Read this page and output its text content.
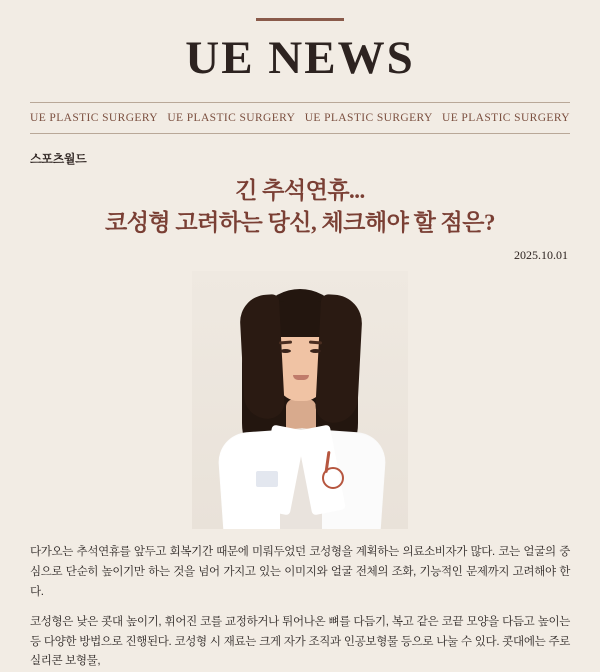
UE NEWS
UE PLASTIC SURGERY UE PLASTIC SURGERY UE PLASTIC SURGERY UE PLASTIC SURGERY
스포츠월드
긴 추석연휴...
코성형 고려하는 당신, 체크해야 할 점은?
2025.10.01

다가오는 추석연휴를 앞두고 회복기간 때문에 미뤄두었던 코성형을 계획하는 의료소비자가 많다. 코는 얼굴의 중심으로 단순히 높이기만 하는 것을 넘어 가지고 있는 이미지와 얼굴 전체의 조화, 기능적인 문제까지 고려해야 한다.

코성형은 낮은 콧대 높이기, 휘어진 코를 교정하거나 튀어나온 뼈를 다듬기, 복고 같은 코끝 모양을 다듬고 높이는 등 다양한 방법으로 진행된다. 코성형 시 재료는 크게 자가 조직과 인공보형물 등으로 나눌 수 있다. 콧대에는 주로 실리콘 보형물,
